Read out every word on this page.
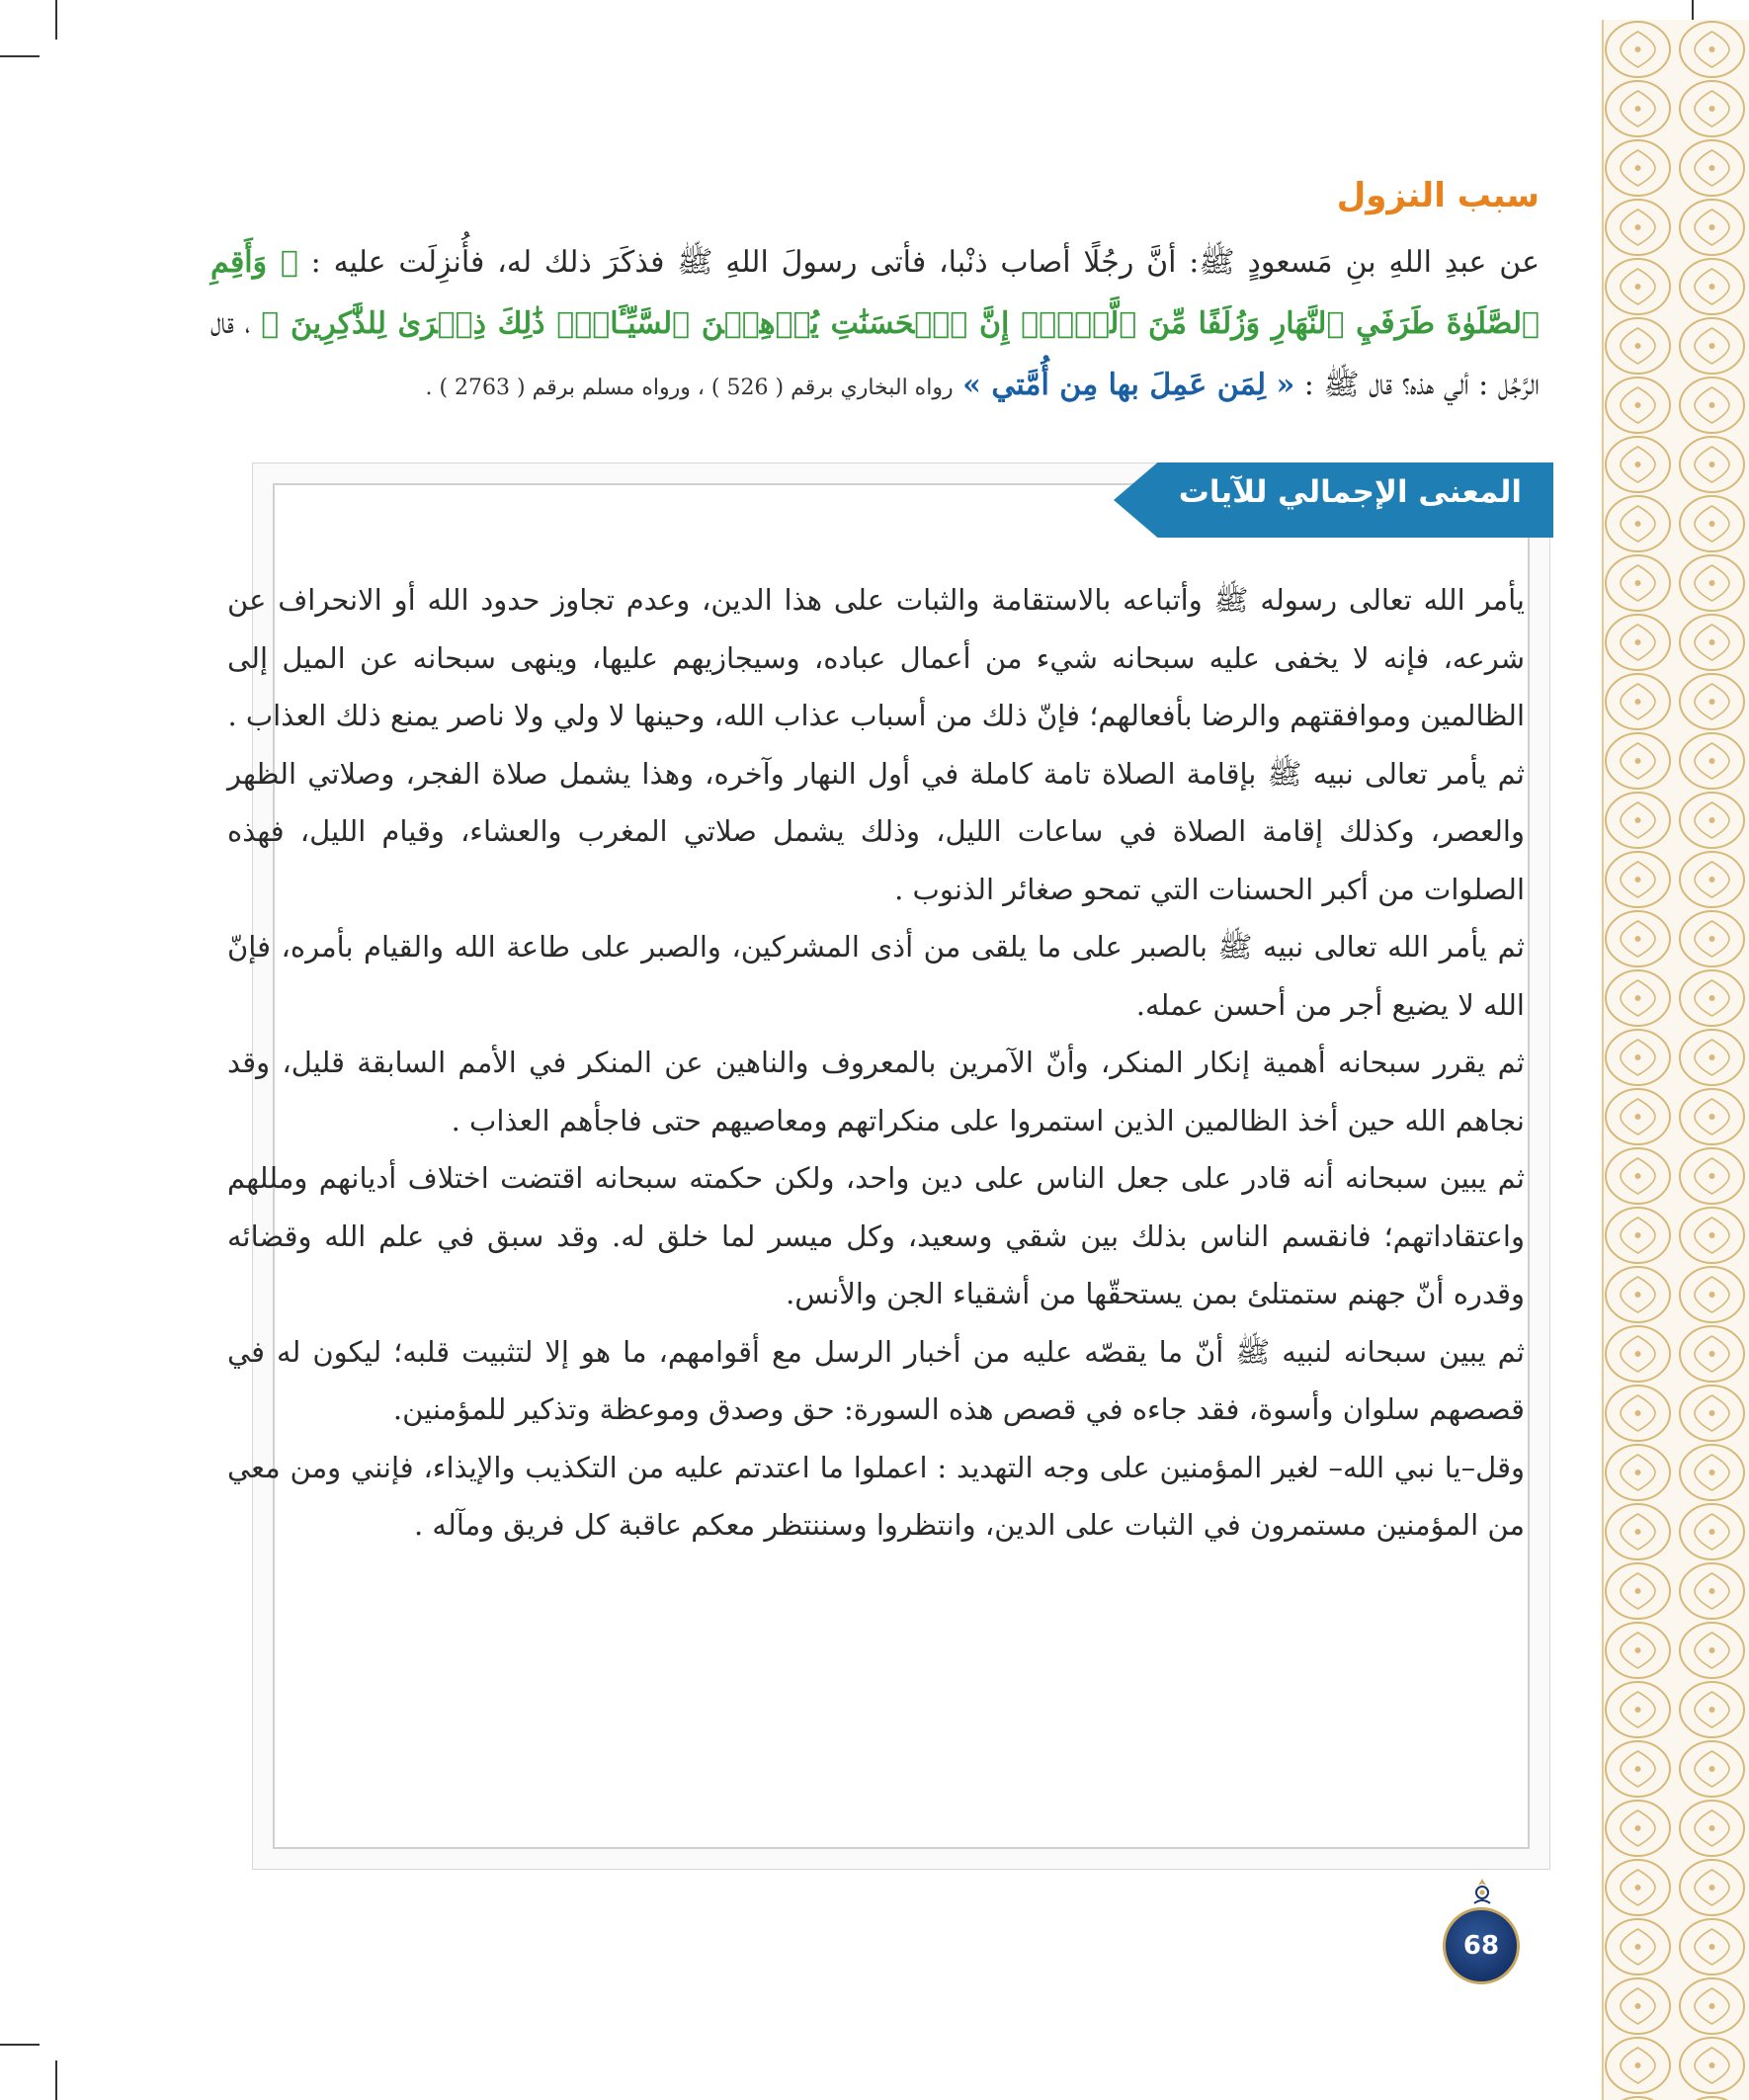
سبب النزول
عن عبدِ اللهِ بنِ مَسعودٍ ﷺ: أنَّ رجُلًا أصاب ذنْبا، فأتى رسولَ اللهِ ﷺ فذكَرَ ذلك له، فأُنزِلَت عليه : ﴿ وَأَقِمِ ٱلصَّلَوٰةَ طَرَفَيِ ٱلنَّهَارِ وَزُلَفًا مِّنَ ٱلَّيۡلِۚ إِنَّ ٱلۡحَسَنَٰتِ يُذۡهِبۡنَ ٱلسَّيِّـَٔاتِۚ ذَٰلِكَ ذِكۡرَىٰ لِلذَّٰكِرِينَ ﴾ ، قال الرَّجُل : ألي هذه؟ قال ﷺ : « لِمَن عَمِلَ بها مِن أُمَّتي » رواه البخاري برقم ( 526 ) ، ورواه مسلم برقم ( 2763 ) .
المعنى الإجمالي للآيات

يأمر الله تعالى رسوله ﷺ وأتباعه بالاستقامة والثبات على هذا الدين، وعدم تجاوز حدود الله أو الانحراف عن شرعه، فإنه لا يخفى عليه سبحانه شيء من أعمال عباده، وسيجازيهم عليها، وينهى سبحانه عن الميل إلى الظالمين وموافقتهم والرضا بأفعالهم؛ فإنّ ذلك من أسباب عذاب الله، وحينها لا ولي ولا ناصر يمنع ذلك العذاب .

ثم يأمر تعالى نبيه ﷺ بإقامة الصلاة تامة كاملة في أول النهار وآخره، وهذا يشمل صلاة الفجر، وصلاتي الظهر والعصر، وكذلك إقامة الصلاة في ساعات الليل، وذلك يشمل صلاتي المغرب والعشاء، وقيام الليل، فهذه الصلوات من أكبر الحسنات التي تمحو صغائر الذنوب .

ثم يأمر الله تعالى نبيه ﷺ بالصبر على ما يلقى من أذى المشركين، والصبر على طاعة الله والقيام بأمره، فإنّ الله لا يضيع أجر من أحسن عمله.

ثم يقرر سبحانه أهمية إنكار المنكر، وأنّ الآمرين بالمعروف والناهين عن المنكر في الأمم السابقة قليل، وقد نجاهم الله حين أخذ الظالمين الذين استمروا على منكراتهم ومعاصيهم حتى فاجأهم العذاب .

ثم يبين سبحانه أنه قادر على جعل الناس على دين واحد، ولكن حكمته سبحانه اقتضت اختلاف أديانهم ومللهم واعتقاداتهم؛ فانقسم الناس بذلك بين شقي وسعيد، وكل ميسر لما خلق له. وقد سبق في علم الله وقضائه وقدره أنّ جهنم ستمتلئ بمن يستحقّها من أشقياء الجن والأنس.

ثم يبين سبحانه لنبيه ﷺ أنّ ما يقصّه عليه من أخبار الرسل مع أقوامهم، ما هو إلا لتثبيت قلبه؛ ليكون له في قصصهم سلوان وأسوة، فقد جاءه في قصص هذه السورة: حق وصدق وموعظة وتذكير للمؤمنين.

وقل–يا نبي الله– لغير المؤمنين على وجه التهديد : اعملوا ما اعتدتم عليه من التكذيب والإيذاء، فإنني ومن معي من المؤمنين مستمرون في الثبات على الدين، وانتظروا وسننتظر معكم عاقبة كل فريق ومآله .

68
